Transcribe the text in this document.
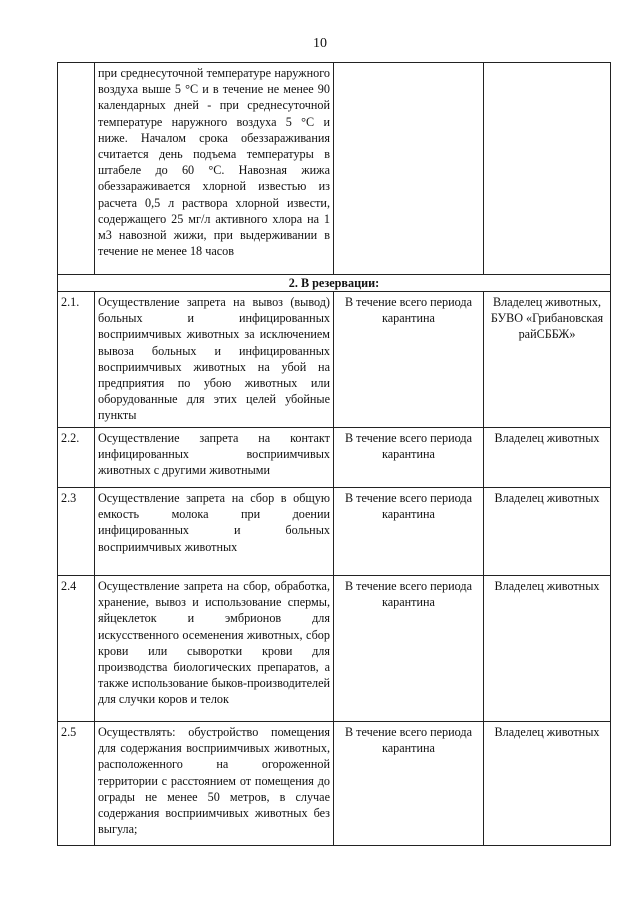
10
	при среднесуточной температуре наружного воздуха выше 5 °С и в течение не менее 90 календарных дней - при среднесуточной температуре наружного воздуха 5 °С и ниже. Началом срока обеззараживания считается день подъема температуры в штабеле до 60 °С. Навозная жижа обеззараживается хлорной известью из расчета 0,5 л раствора хлорной извести, содержащего 25 мг/л активного хлора на 1 м3 навозной жижи, при выдерживании в течение не менее 18 часов		
2. В резервации:			
2.1.	Осуществление запрета на вывоз (вывод) больных и инфицированных восприимчивых животных за исключением вывоза больных и инфицированных восприимчивых животных на убой на предприятия по убою животных или оборудованные для этих целей убойные пункты	В течение всего периода карантина	Владелец животных, БУВО «Грибановская райСББЖ»
2.2.	Осуществление запрета на контакт инфицированных восприимчивых животных с другими животными	В течение всего периода карантина	Владелец животных
2.3	Осуществление запрета на сбор в общую емкость молока при доении инфицированных и больных восприимчивых животных	В течение всего периода карантина	Владелец животных
2.4	Осуществление запрета на сбор, обработка, хранение, вывоз и использование спермы, яйцеклеток и эмбрионов для искусственного осеменения животных, сбор крови или сыворотки крови для производства биологических препаратов, а также использование быков-производителей для случки коров и телок	В течение всего периода карантина	Владелец животных
2.5	Осуществлять: обустройство помещения для содержания восприимчивых животных, расположенного на огороженной территории с расстоянием от помещения до ограды не менее 50 метров, в случае содержания восприимчивых животных без выгула;	В течение всего периода карантина	Владелец животных
